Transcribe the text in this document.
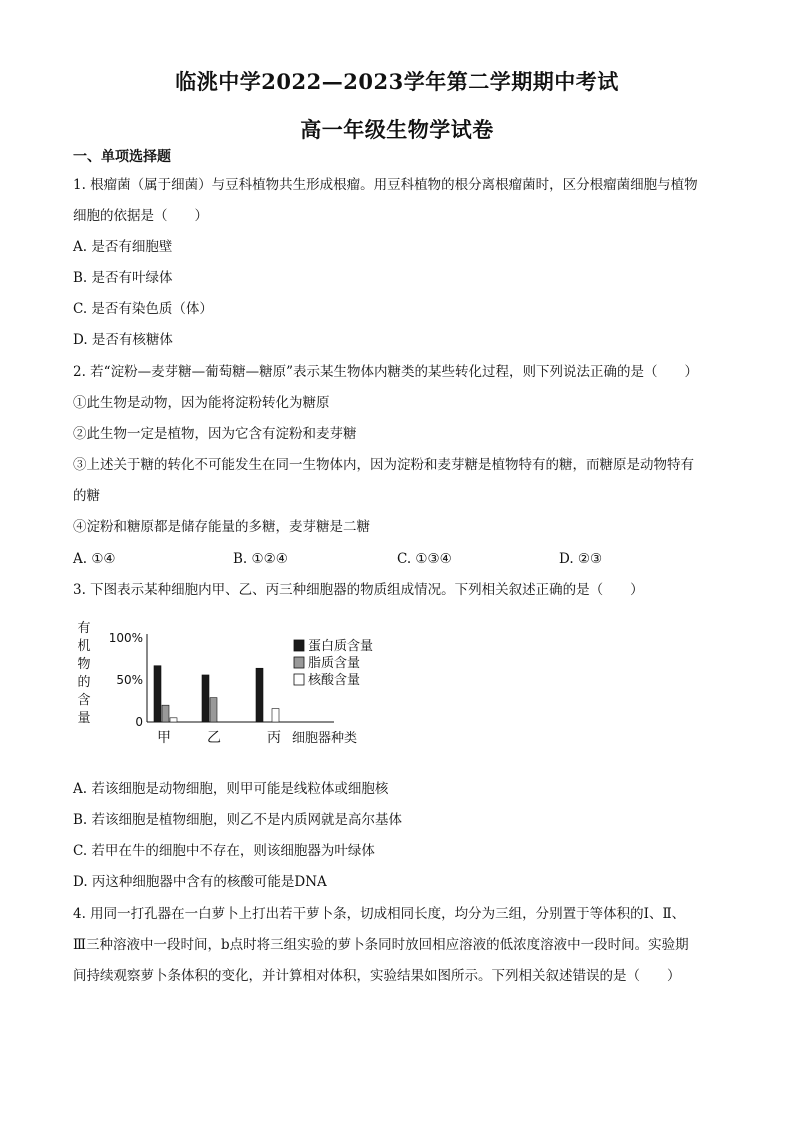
临洮中学2022—2023学年第二学期期中考试
高一年级生物学试卷
一、单项选择题
1. 根瘤菌（属于细菌）与豆科植物共生形成根瘤。用豆科植物的根分离根瘤菌时，区分根瘤菌细胞与植物
细胞的依据是（　　）
A. 是否有细胞壁
B. 是否有叶绿体
C. 是否有染色质（体）
D. 是否有核糖体
2. 若“淀粉—麦芽糖—葡萄糖—糖原”表示某生物体内糖类的某些转化过程，则下列说法正确的是（　　）
①此生物是动物，因为能将淀粉转化为糖原
②此生物一定是植物，因为它含有淀粉和麦芽糖
③上述关于糖的转化不可能发生在同一生物体内，因为淀粉和麦芽糖是植物特有的糖，而糖原是动物特有
的糖
④淀粉和糖原都是储存能量的多糖，麦芽糖是二糖
A. ①④	B. ①②④	C. ①③④	D. ②③
3. 下图表示某种细胞内甲、乙、丙三种细胞器的物质组成情况。下列相关叙述正确的是（　　）
有
机
物
的
含
量
100%
50%
0
甲	乙	丙 细胞器种类
蛋白质含量
脂质含量
核酸含量
A. 若该细胞是动物细胞，则甲可能是线粒体或细胞核
B. 若该细胞是植物细胞，则乙不是内质网就是高尔基体
C. 若甲在牛的细胞中不存在，则该细胞器为叶绿体
D. 丙这种细胞器中含有的核酸可能是DNA
4. 用同一打孔器在一白萝卜上打出若干萝卜条，切成相同长度，均分为三组，分别置于等体积的Ⅰ、Ⅱ、
Ⅲ三种溶液中一段时间，b点时将三组实验的萝卜条同时放回相应溶液的低浓度溶液中一段时间。实验期
间持续观察萝卜条体积的变化，并计算相对体积，实验结果如图所示。下列相关叙述错误的是（　　）
